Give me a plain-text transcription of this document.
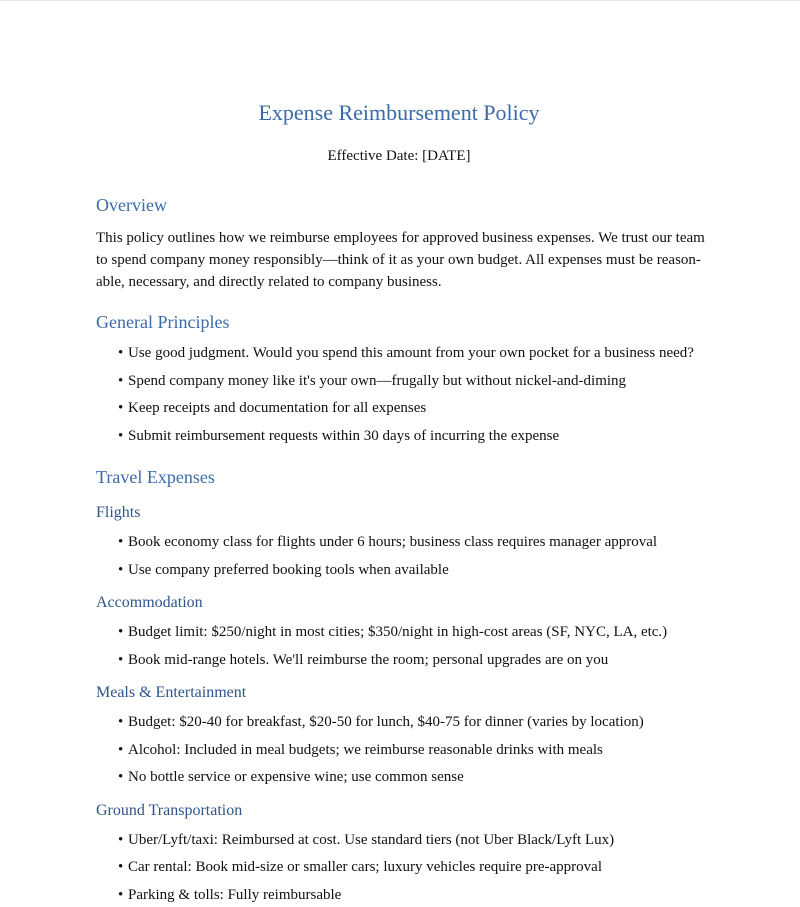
Expense Reimbursement Policy

Effective Date: [DATE]

Overview
This policy outlines how we reimburse employees for approved business expenses. We trust our team
to spend company money responsibly—think of it as your own budget. All expenses must be reason-
able, necessary, and directly related to company business.
General Principles

• Use good judgment. Would you spend this amount from your own pocket for a business need?

• Spend company money like it's your own—frugally but without nickel-and-diming

• Keep receipts and documentation for all expenses

• Submit reimbursement requests within 30 days of incurring the expense

Travel Expenses
Flights

• Book economy class for flights under 6 hours; business class requires manager approval

• Use company preferred booking tools when available

Accommodation

• Budget limit: $250/night in most cities; $350/night in high-cost areas (SF, NYC, LA, etc.)

• Book mid-range hotels. We'll reimburse the room; personal upgrades are on you

Meals & Entertainment

• Budget: $20-40 for breakfast, $20-50 for lunch, $40-75 for dinner (varies by location)

• Alcohol: Included in meal budgets; we reimburse reasonable drinks with meals

• No bottle service or expensive wine; use common sense

Ground Transportation

• Uber/Lyft/taxi: Reimbursed at cost. Use standard tiers (not Uber Black/Lyft Lux)

• Car rental: Book mid-size or smaller cars; luxury vehicles require pre-approval

• Parking & tolls: Fully reimbursable
